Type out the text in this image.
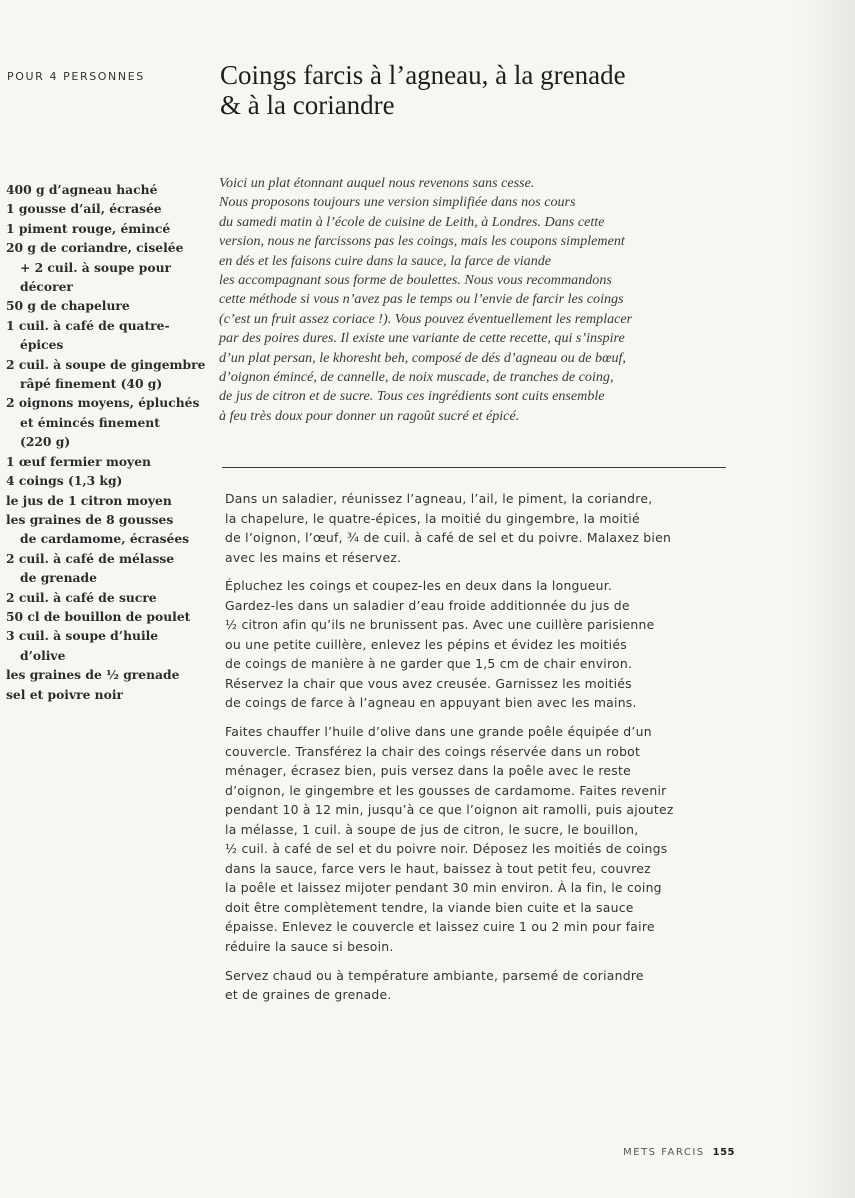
POUR 4 PERSONNES	Coings farcis à l’agneau, à la grenade
& à la coriandre
400 g d’agneau haché
1 gousse d’ail, écrasée
1 piment rouge, émincé
20 g de coriandre, ciselée
+ 2 cuil. à soupe pour
décorer
50 g de chapelure
1 cuil. à café de quatre-
épices
2 cuil. à soupe de gingembre
râpé finement (40 g)
2 oignons moyens, épluchés
et émincés finement
(220 g)
1 œuf fermier moyen
4 coings (1,3 kg)
le jus de 1 citron moyen
les graines de 8 gousses
de cardamome, écrasées
2 cuil. à café de mélasse
de grenade
2 cuil. à café de sucre
50 cl de bouillon de poulet
3 cuil. à soupe d’huile
d’olive
les graines de ½ grenade
sel et poivre noir
Voici un plat étonnant auquel nous revenons sans cesse.
Nous proposons toujours une version simplifiée dans nos cours
du samedi matin à l’école de cuisine de Leith, à Londres. Dans cette
version, nous ne farcissons pas les coings, mais les coupons simplement
en dés et les faisons cuire dans la sauce, la farce de viande
les accompagnant sous forme de boulettes. Nous vous recommandons
cette méthode si vous n’avez pas le temps ou l’envie de farcir les coings
(c’est un fruit assez coriace !). Vous pouvez éventuellement les remplacer
par des poires dures. Il existe une variante de cette recette, qui s’inspire
d’un plat persan, le khoresht beh, composé de dés d’agneau ou de bœuf,
d’oignon émincé, de cannelle, de noix muscade, de tranches de coing,
de jus de citron et de sucre. Tous ces ingrédients sont cuits ensemble
à feu très doux pour donner un ragoût sucré et épicé.

Dans un saladier, réunissez l’agneau, l’ail, le piment, la coriandre,
la chapelure, le quatre-épices, la moitié du gingembre, la moitié
de l’oignon, l’œuf, ¾ de cuil. à café de sel et du poivre. Malaxez bien
avec les mains et réservez.

Épluchez les coings et coupez-les en deux dans la longueur.
Gardez-les dans un saladier d’eau froide additionnée du jus de
½ citron afin qu’ils ne brunissent pas. Avec une cuillère parisienne
ou une petite cuillère, enlevez les pépins et évidez les moitiés
de coings de manière à ne garder que 1,5 cm de chair environ.
Réservez la chair que vous avez creusée. Garnissez les moitiés
de coings de farce à l’agneau en appuyant bien avec les mains.

Faites chauffer l’huile d’olive dans une grande poêle équipée d’un
couvercle. Transférez la chair des coings réservée dans un robot
ménager, écrasez bien, puis versez dans la poêle avec le reste
d’oignon, le gingembre et les gousses de cardamome. Faites revenir
pendant 10 à 12 min, jusqu’à ce que l’oignon ait ramolli, puis ajoutez
la mélasse, 1 cuil. à soupe de jus de citron, le sucre, le bouillon,
½ cuil. à café de sel et du poivre noir. Déposez les moitiés de coings
dans la sauce, farce vers le haut, baissez à tout petit feu, couvrez
la poêle et laissez mijoter pendant 30 min environ. À la fin, le coing
doit être complètement tendre, la viande bien cuite et la sauce
épaisse. Enlevez le couvercle et laissez cuire 1 ou 2 min pour faire
réduire la sauce si besoin.

Servez chaud ou à température ambiante, parsemé de coriandre
et de graines de grenade.

METS FARCIS 155
